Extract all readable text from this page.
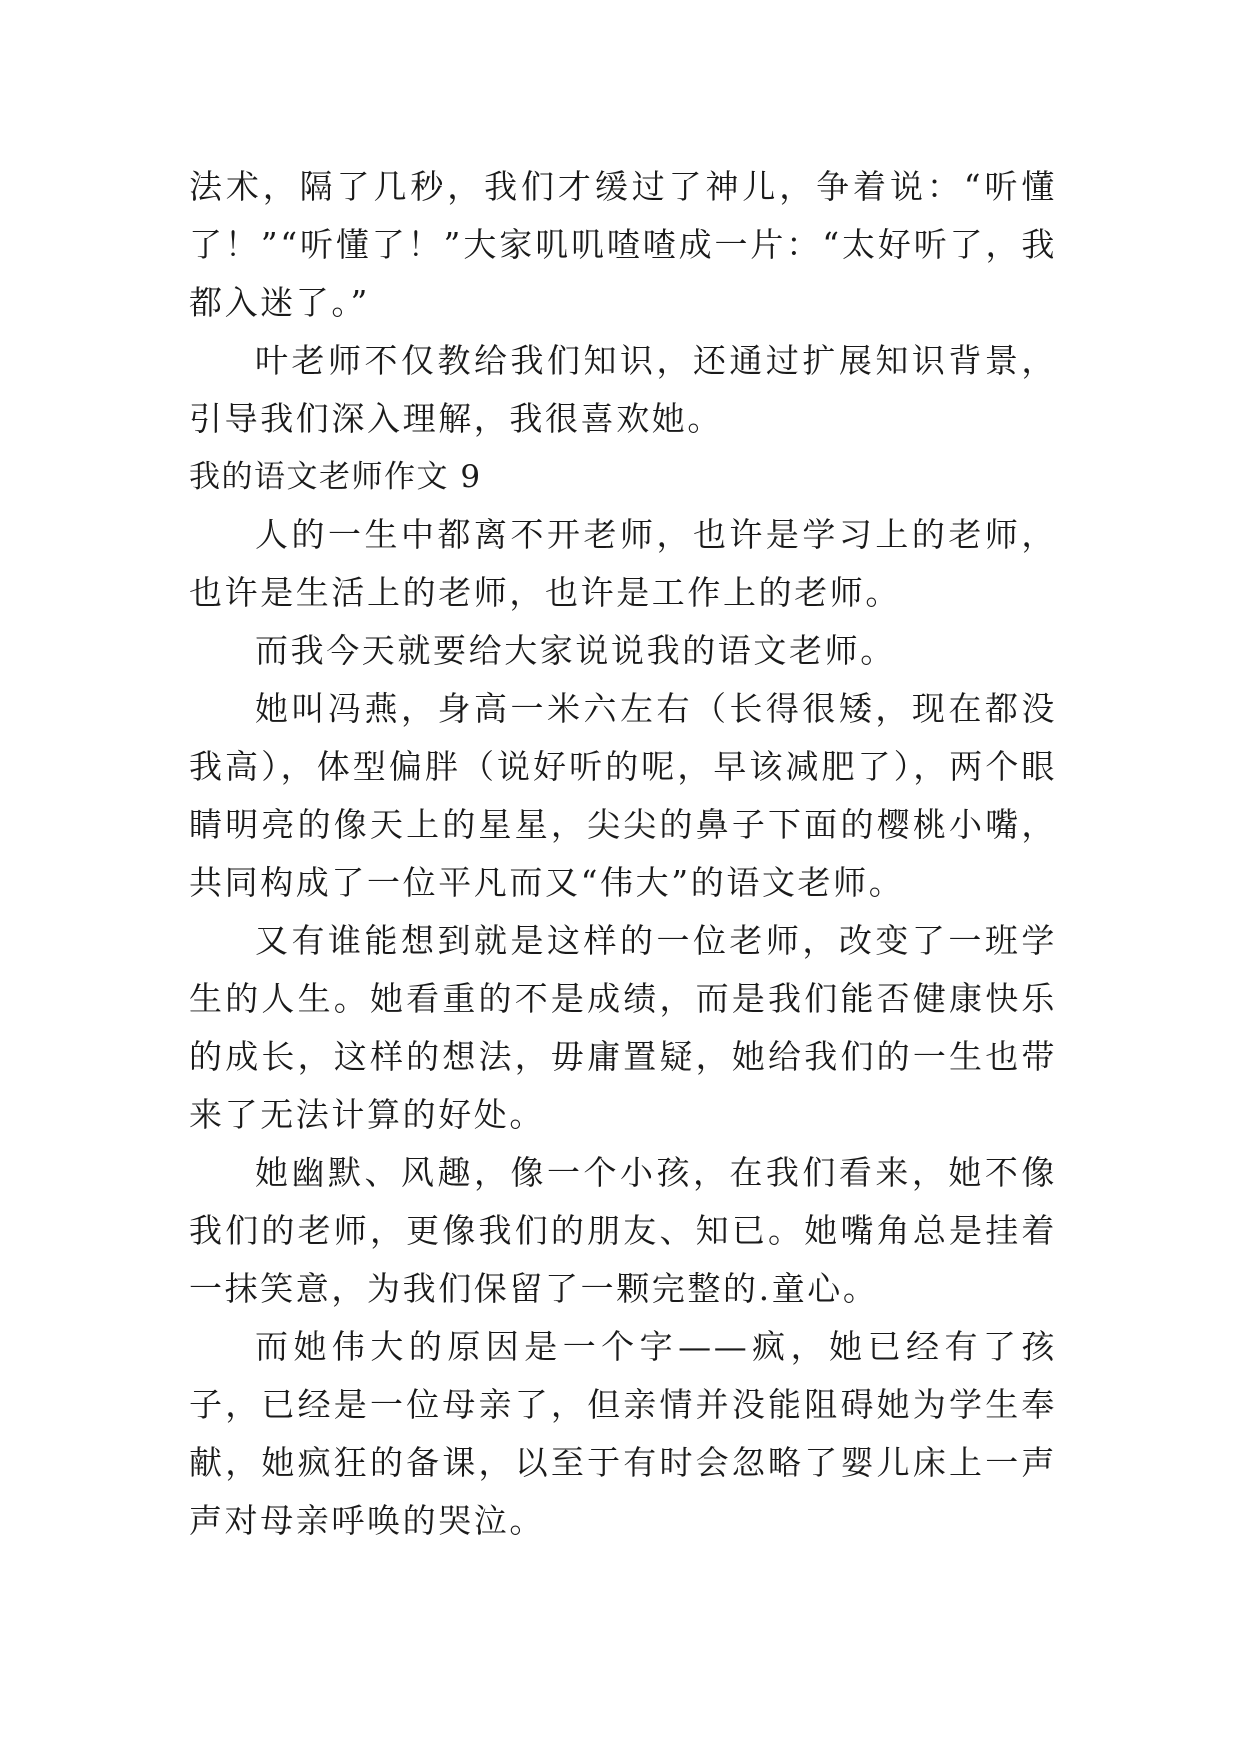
法术，隔了几秒，我们才缓过了神儿，争着说：“听懂了！”“听懂了！”大家叽叽喳喳成一片：“太好听了，我都入迷了。”

叶老师不仅教给我们知识，还通过扩展知识背景，引导我们深入理解，我很喜欢她。

我的语文老师作文 9

人的一生中都离不开老师，也许是学习上的老师，也许是生活上的老师，也许是工作上的老师。

而我今天就要给大家说说我的语文老师。

她叫冯燕，身高一米六左右（长得很矮，现在都没我高），体型偏胖（说好听的呢，早该减肥了），两个眼睛明亮的像天上的星星，尖尖的鼻子下面的樱桃小嘴，共同构成了一位平凡而又“伟大”的语文老师。

又有谁能想到就是这样的一位老师，改变了一班学生的人生。她看重的不是成绩，而是我们能否健康快乐的成长，这样的想法，毋庸置疑，她给我们的一生也带来了无法计算的好处。

她幽默、风趣，像一个小孩，在我们看来，她不像我们的老师，更像我们的朋友、知已。她嘴角总是挂着一抹笑意，为我们保留了一颗完整的.童心。

而她伟大的原因是一个字——疯，她已经有了孩子，已经是一位母亲了，但亲情并没能阻碍她为学生奉献，她疯狂的备课，以至于有时会忽略了婴儿床上一声声对母亲呼唤的哭泣。
